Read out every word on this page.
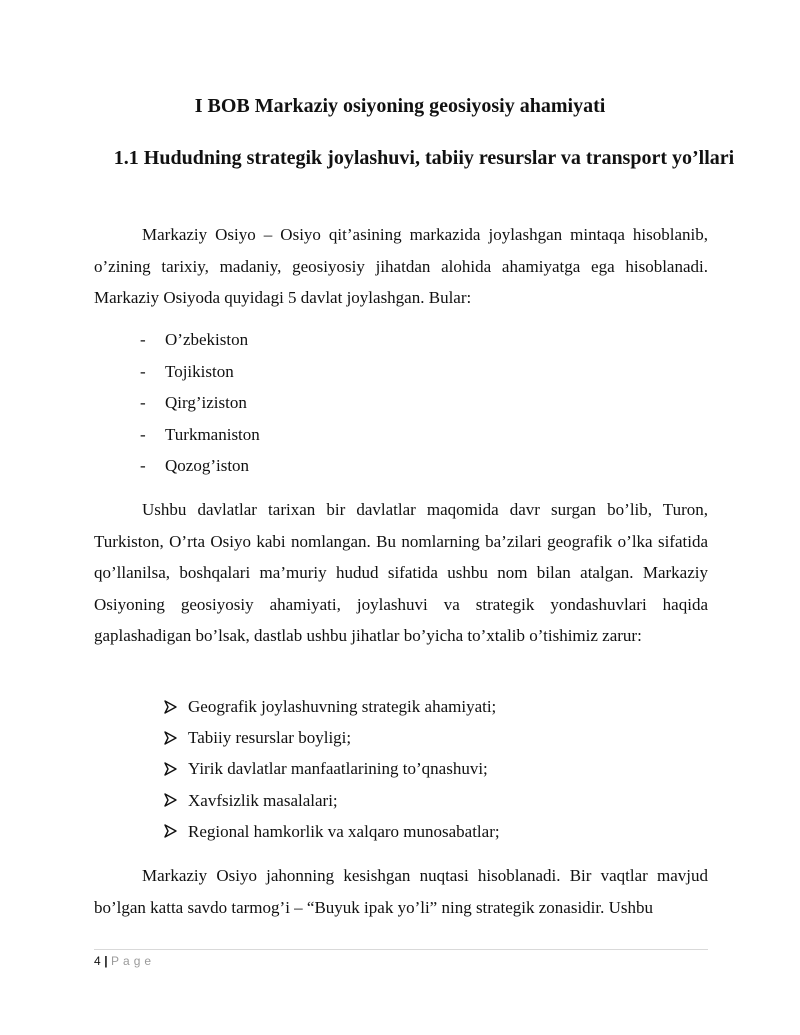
I BOB Markaziy osiyoning geosiyosiy ahamiyati
1.1 Hududning strategik joylashuvi, tabiiy resurslar va transport yo’llari

Markaziy Osiyo – Osiyo qit’asining markazida joylashgan mintaqa hisoblanib, o’zining tarixiy, madaniy, geosiyosiy jihatdan alohida ahamiyatga ega hisoblanadi. Markaziy Osiyoda quyidagi 5 davlat joylashgan. Bular:

-	O’zbekiston
-	Tojikiston
-	Qirg’iziston
-	Turkmaniston
-	Qozog’iston

Ushbu davlatlar tarixan bir davlatlar maqomida davr surgan bo’lib, Turon, Turkiston, O’rta Osiyo kabi nomlangan. Bu nomlarning ba’zilari geografik o’lka sifatida qo’llanilsa, boshqalari ma’muriy hudud sifatida ushbu nom bilan atalgan. Markaziy Osiyoning geosiyosiy ahamiyati, joylashuvi va strategik yondashuvlari haqida gaplashadigan bo’lsak, dastlab ushbu jihatlar bo’yicha to’xtalib o’tishimiz zarur:

Geografik joylashuvning strategik ahamiyati;
Tabiiy resurslar boyligi;
Yirik davlatlar manfaatlarining to’qnashuvi;
Xavfsizlik masalalari;
Regional hamkorlik va xalqaro munosabatlar;

Markaziy Osiyo jahonning kesishgan nuqtasi hisoblanadi. Bir vaqtlar mavjud bo’lgan katta savdo tarmog’i – “Buyuk ipak yo’li” ning strategik zonasidir. Ushbu

4 | Page
